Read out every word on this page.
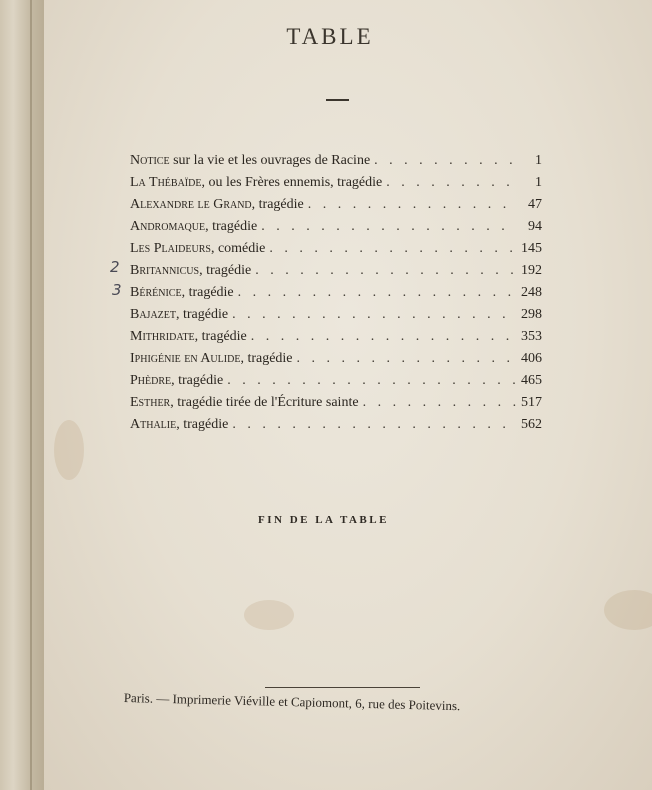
TABLE
Notice sur la vie et les ouvrages de Racine . . .	1
La Thébaïde, ou les Frères ennemis, tragédie . . .	1
Alexandre le Grand, tragédie . . .	47
Andromaque, tragédie . . .	94
Les Plaideurs, comédie . . .	145
Britannicus, tragédie . . .	192
Bérénice, tragédie . . .	248
Bajazet, tragédie . . .	298
Mithridate, tragédie . . .	353
Iphigénie en Aulide, tragédie . . .	406
Phèdre, tragédie . . .	465
Esther, tragédie tirée de l'Écriture sainte . . .	517
Athalie, tragédie . . .	562
2
3
FIN DE LA TABLE
Paris. — Imprimerie Viéville et Capiomont, 6, rue des Poitevins.
